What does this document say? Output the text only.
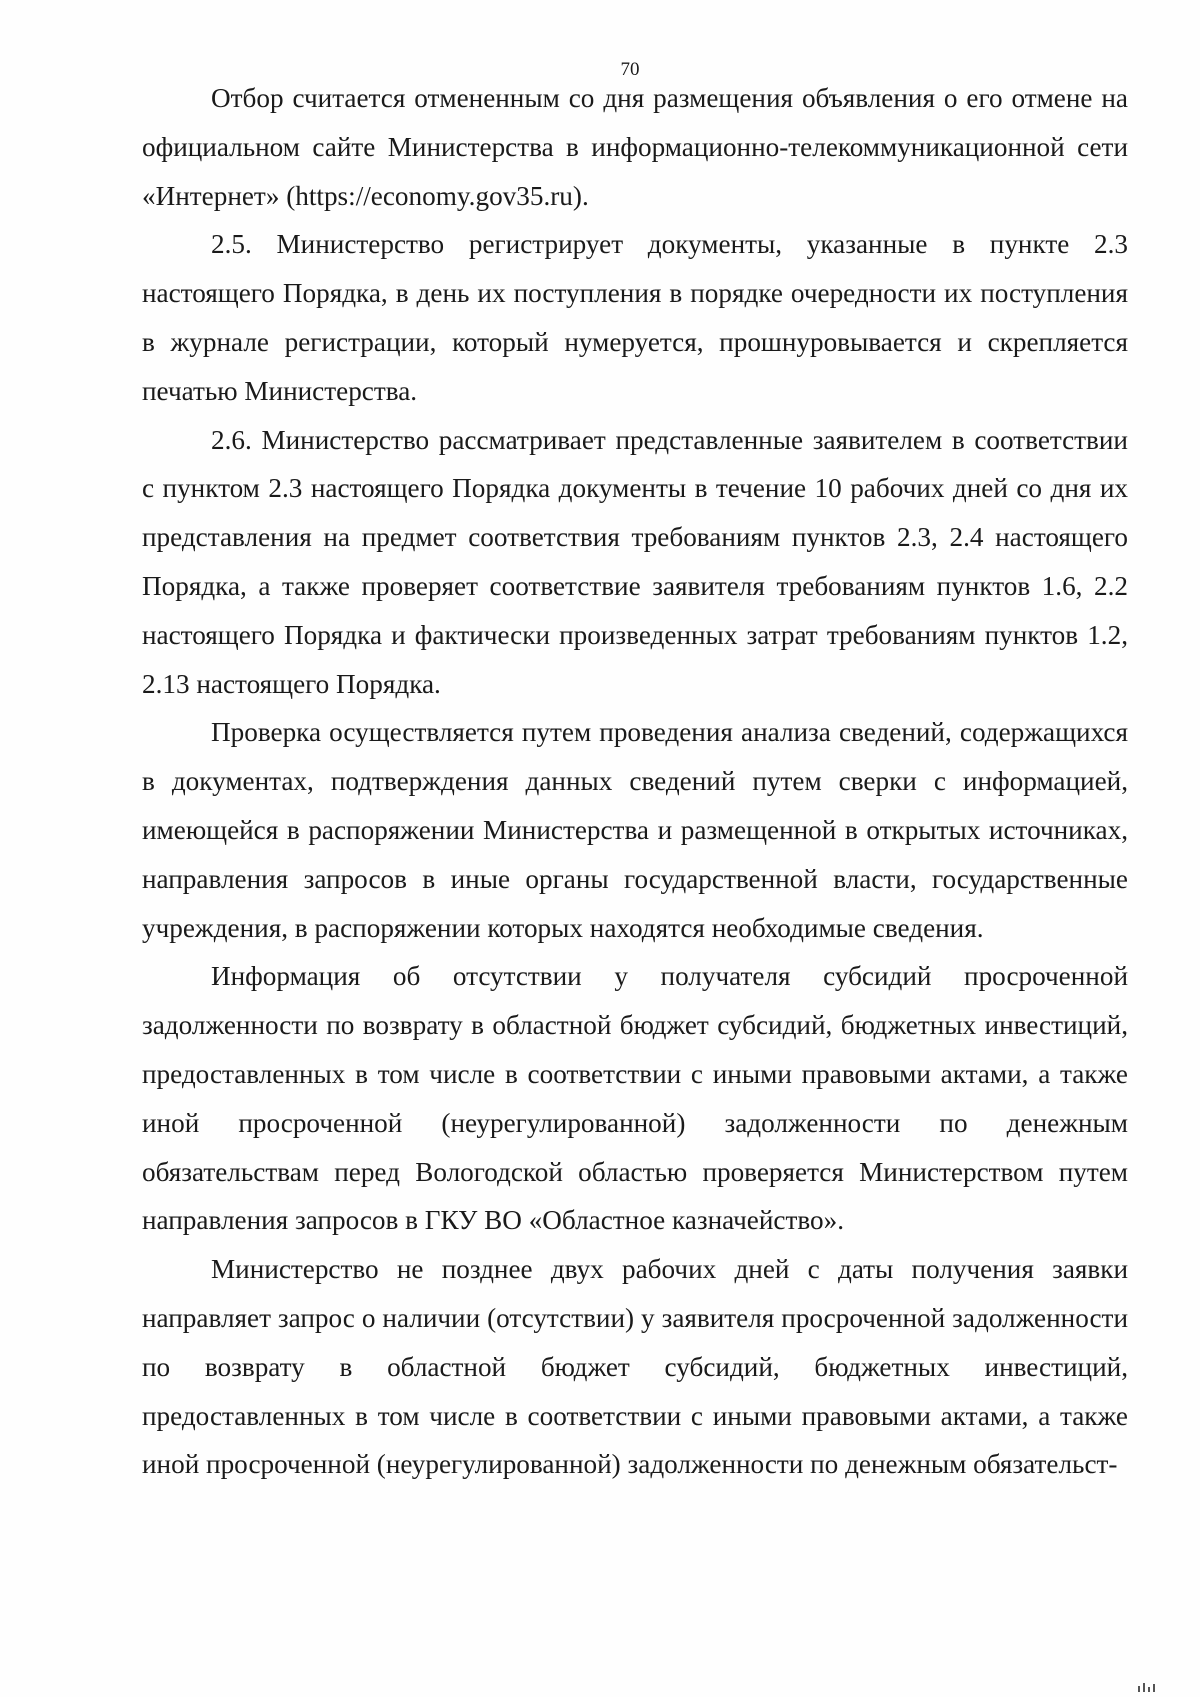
70

Отбор считается отмененным со дня размещения объявления о его отмене на официальном сайте Министерства в информационно-телекоммуникационной сети «Интернет» (https://economy.gov35.ru).

2.5. Министерство регистрирует документы, указанные в пункте 2.3 настоящего Порядка, в день их поступления в порядке очередности их поступления в журнале регистрации, который нумеруется, прошнуровывается и скрепляется печатью Министерства.

2.6. Министерство рассматривает представленные заявителем в соответствии с пунктом 2.3 настоящего Порядка документы в течение 10 рабочих дней со дня их представления на предмет соответствия требованиям пунктов 2.3, 2.4 настоящего Порядка, а также проверяет соответствие заявителя требованиям пунктов 1.6, 2.2 настоящего Порядка и фактически произведенных затрат требованиям пунктов 1.2, 2.13 настоящего Порядка.

Проверка осуществляется путем проведения анализа сведений, содержащихся в документах, подтверждения данных сведений путем сверки с информацией, имеющейся в распоряжении Министерства и размещенной в открытых источниках, направления запросов в иные органы государственной власти, государственные учреждения, в распоряжении которых находятся необходимые сведения.

Информация об отсутствии у получателя субсидий просроченной задолженности по возврату в областной бюджет субсидий, бюджетных инвестиций, предоставленных в том числе в соответствии с иными правовыми актами, а также иной просроченной (неурегулированной) задолженности по денежным обязательствам перед Вологодской областью проверяется Министерством путем направления запросов в ГКУ ВО «Областное казначейство».

Министерство не позднее двух рабочих дней с даты получения заявки направляет запрос о наличии (отсутствии) у заявителя просроченной задолженности по возврату в областной бюджет субсидий, бюджетных инвестиций, предоставленных в том числе в соответствии с иными правовыми актами, а также иной просроченной (неурегулированной) задолженности по денежным обязательст-
